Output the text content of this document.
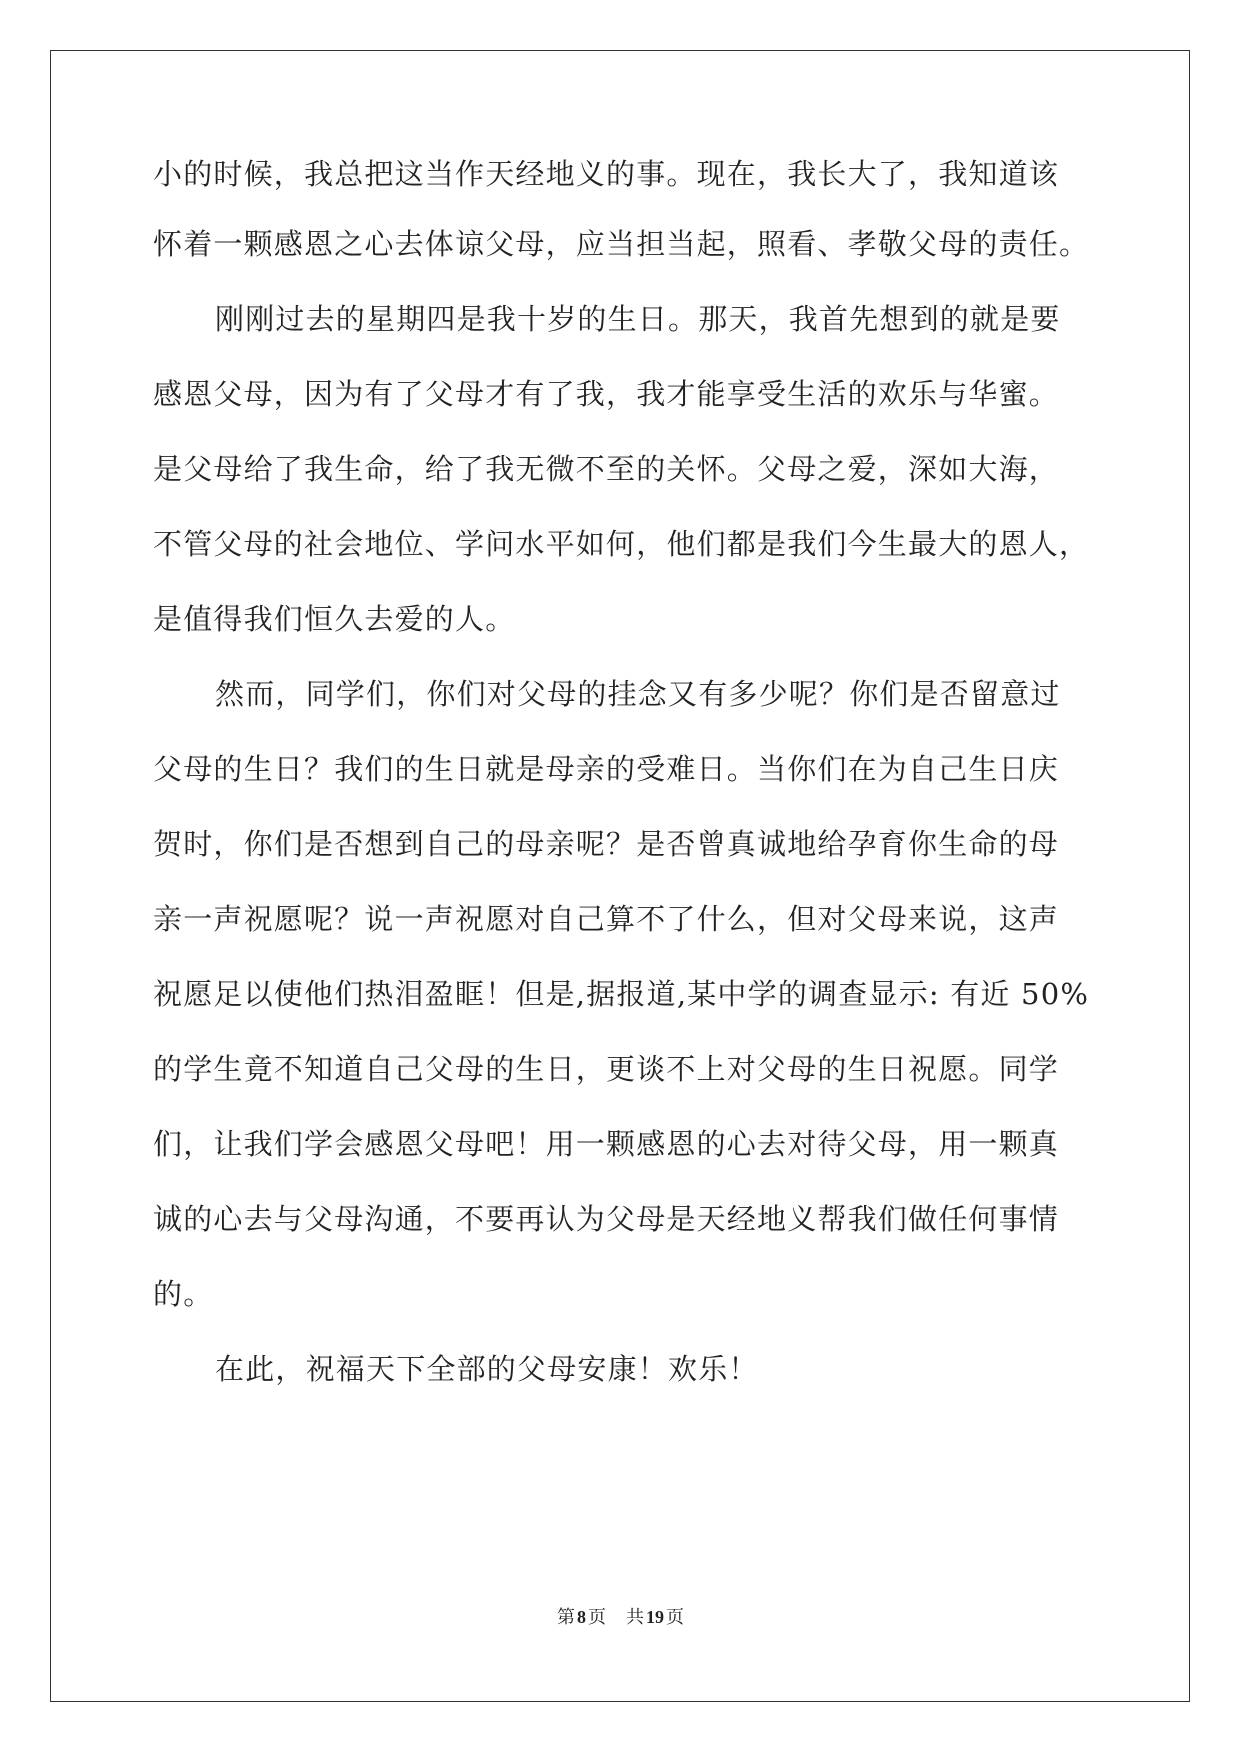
小的时候，我总把这当作天经地义的事。现在，我长大了，我知道该
怀着一颗感恩之心去体谅父母，应当担当起，照看、孝敬父母的责任。
刚刚过去的星期四是我十岁的生日。那天，我首先想到的就是要
感恩父母，因为有了父母才有了我，我才能享受生活的欢乐与华蜜。
是父母给了我生命，给了我无微不至的关怀。父母之爱，深如大海，
不管父母的社会地位、学问水平如何，他们都是我们今生最大的恩人，
是值得我们恒久去爱的人。
然而，同学们，你们对父母的挂念又有多少呢？你们是否留意过
父母的生日？我们的生日就是母亲的受难日。当你们在为自己生日庆
贺时，你们是否想到自己的母亲呢？是否曾真诚地给孕育你生命的母
亲一声祝愿呢？说一声祝愿对自己算不了什么，但对父母来说，这声
祝愿足以使他们热泪盈眶！但是,据报道,某中学的调查显示: 有近 50%
的学生竟不知道自己父母的生日，更谈不上对父母的生日祝愿。同学
们，让我们学会感恩父母吧！用一颗感恩的心去对待父母，用一颗真
诚的心去与父母沟通，不要再认为父母是天经地义帮我们做任何事情
的。
在此，祝福天下全部的父母安康！欢乐！
第 8 页 共 19 页
